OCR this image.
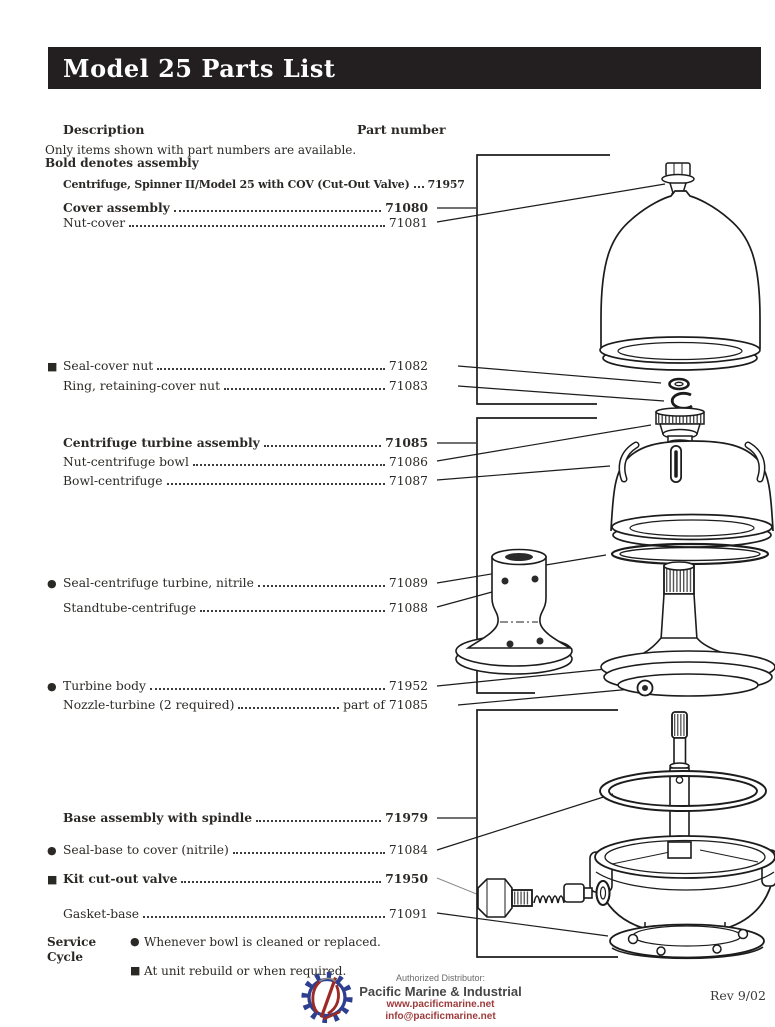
Model 25 Parts List
Description	Part number
Only items shown with part numbers are available.
Bold denotes assembly
Centrifuge, Spinner II/Model 25 with COV (Cut-Out Valve) 71957
Cover assembly	71080
Nut-cover	71081
■ Seal-cover nut	71082
Ring, retaining-cover nut	71083
Centrifuge turbine assembly	71085
Nut-centrifuge bowl	71086
Bowl-centrifuge	71087
● Seal-centrifuge turbine, nitrile	71089
Standtube-centrifuge	71088
● Turbine body	71952
Nozzle-turbine (2 required)	part of 71085
Base assembly with spindle	71979
● Seal-base to cover (nitrile)	71084
■ Kit cut-out valve	71950
Gasket-base	71091
Service Cycle
● Whenever bowl is cleaned or replaced.
■ At unit rebuild or when required.	Authorized Distributor:
Pacific Marine & Industrial
www.pacificmarine.net
info@pacificmarine.net
Rev 9/02
